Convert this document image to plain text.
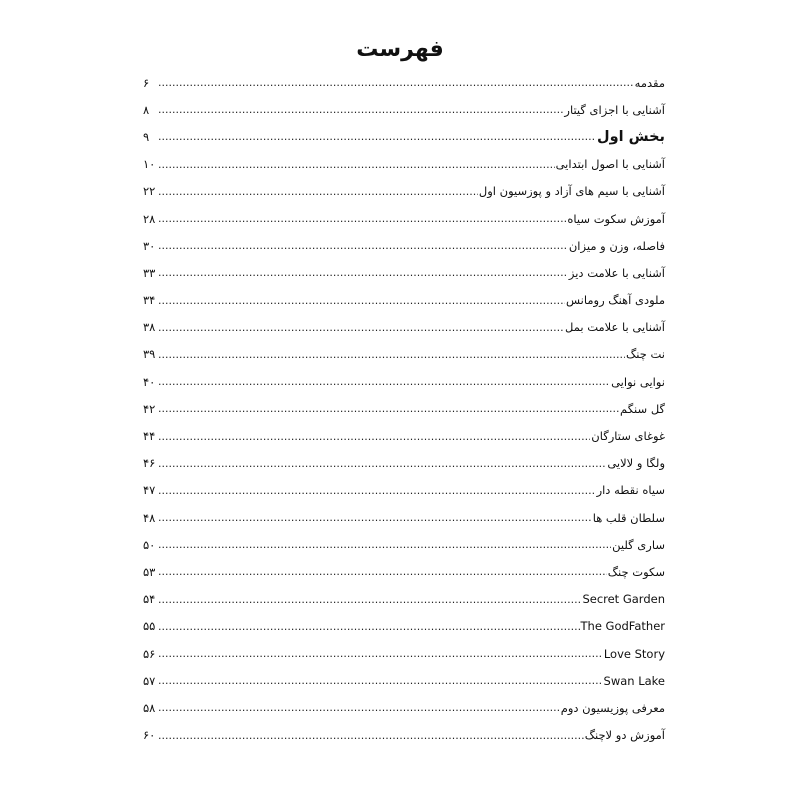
فهرست
مقدمه
.....
۶
آشنایی با اجزای گیتار
.....
۸
بخش اول
.....
۹
آشنایی با اصول ابتدایی
.....
۱۰
آشنایی با سیم های آزاد و پوزسیون اول
.....
۲۲
آموزش سکوت سیاه
.....
۲۸
فاصله، وزن و میزان
.....
۳۰
آشنایی با علامت دیز
.....
۳۳
ملودی آهنگ رومانس
.....
۳۴
آشنایی با علامت بمل
.....
۳۸
نت چنگ
.....
۳۹
نوایی نوایی
.....
۴۰
گل سنگم
.....
۴۲
غوغای ستارگان
.....
۴۴
ولگا و لالایی
.....
۴۶
سیاه نقطه دار
.....
۴۷
سلطان قلب ها
.....
۴۸
ساری گلین
.....
۵۰
سکوت چنگ
.....
۵۳
Secret Garden
.....
۵۴
The GodFather
.....
۵۵
Love Story
.....
۵۶
Swan Lake
.....
۵۷
معرفی پوزیسیون دوم
.....
۵۸
آموزش دو لاچنگ
.....
۶۰
